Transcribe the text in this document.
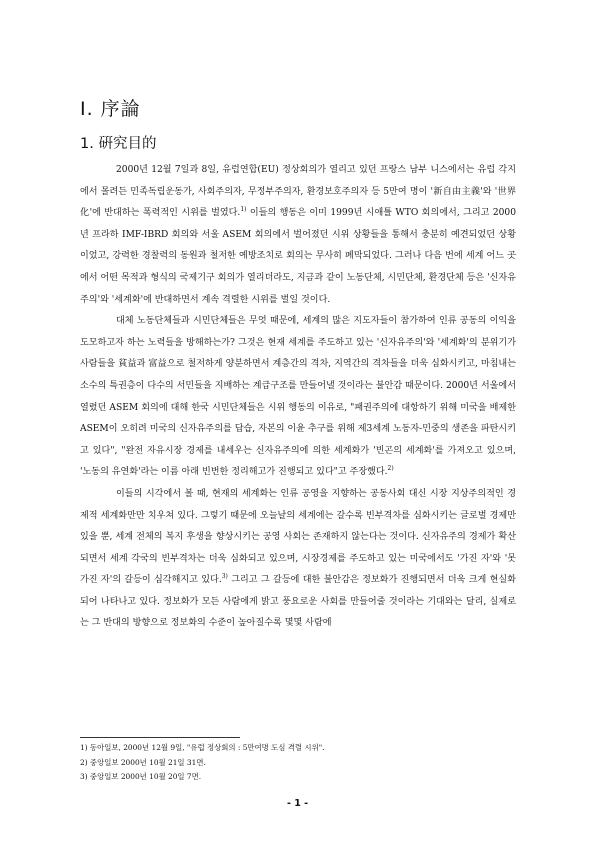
Ⅰ. 序論
1. 硏究目的

2000년 12월 7일과 8일, 유럽연합(EU) 정상회의가 열리고 있던 프랑스 남부 니스에서는 유럽 각지에서 몰려든 민족독립운동가, 사회주의자, 무정부주의자, 환경보호주의자 등 5만여 명이 '新自由主義'와 '世界化'에 반대하는 폭력적인 시위를 벌였다.$^{1)}$ 이들의 행동은 이미 1999년 시애틀 WTO 회의에서, 그리고 2000년 프라하 IMF-IBRD 회의와 서울 ASEM 회의에서 벌어졌던 시위 상황들을 통해서 충분히 예견되었던 상황이었고, 강력한 경찰력의 동원과 철저한 예방조치로 회의는 무사히 폐막되었다. 그러나 다음 번에 세계 어느 곳에서 어떤 목적과 형식의 국제기구 회의가 열리더라도, 지금과 같이 노동단체, 시민단체, 환경단체 등은 '신자유주의'와 '세계화'에 반대하면서 계속 격렬한 시위를 벌일 것이다.

대체 노동단체들과 시민단체들은 무엇 때문에, 세계의 많은 지도자들이 참가하여 인류 공동의 이익을 도모하고자 하는 노력들을 방해하는가? 그것은 현재 세계를 주도하고 있는 '신자유주의'와 '세계화'의 분위기가 사람들을 貧益과 富益으로 철저하게 양분하면서 계층간의 격차, 지역간의 격차들을 더욱 심화시키고, 마침내는 소수의 특권층이 다수의 서민들을 지배하는 계급구조를 만들어낼 것이라는 불안감 때문이다. 2000년 서울에서 열렸던 ASEM 회의에 대해 한국 시민단체들은 시위 행동의 이유로, "패권주의에 대항하기 위해 미국을 배제한 ASEM이 오히려 미국의 신자유주의를 답습, 자본의 이윤 추구를 위해 제3세계 노동자-민중의 생존을 파탄시키고 있다", "완전 자유시장 경제를 내세우는 신자유주의에 의한 세계화가 '빈곤의 세계화'를 가져오고 있으며, '노동의 유연화'라는 이름 아래 빈번한 정리해고가 진행되고 있다"고 주장했다.$^{2)}$

이들의 시각에서 볼 때, 현재의 세계화는 인류 공영을 지향하는 공동사회 대신 시장 지상주의적인 경제적 세계화만만 치우쳐 있다. 그렇기 때문에 오늘날의 세계에는 갈수록 빈부격차를 심화시키는 글로벌 경제만 있을 뿐, 세계 전체의 복지 후생을 향상시키는 공영 사회는 존재하지 않는다는 것이다. 신자유주의 경제가 확산되면서 세계 각국의 빈부격차는 더욱 심화되고 있으며, 시장경제를 주도하고 있는 미국에서도 '가진 자'와 '못 가진 자'의 갈등이 심각해지고 있다.$^{3)}$ 그리고 그 갈등에 대한 불안감은 정보화가 진행되면서 더욱 크게 현실화되어 나타나고 있다. 정보화가 모든 사람에게 밝고 풍요로운 사회를 만들어줄 것이라는 기대와는 달리, 실제로는 그 반대의 방향으로 정보화의 수준이 높아질수록 몇몇 사람에

1) 동아일보, 2000년 12월 9일, "유럽 정상회의 : 5만여명 도심 격렬 시위".

2) 중앙일보 2000년 10월 21일 31면.

3) 중앙일보 2000년 10월 20일 7면.

- 1 -
